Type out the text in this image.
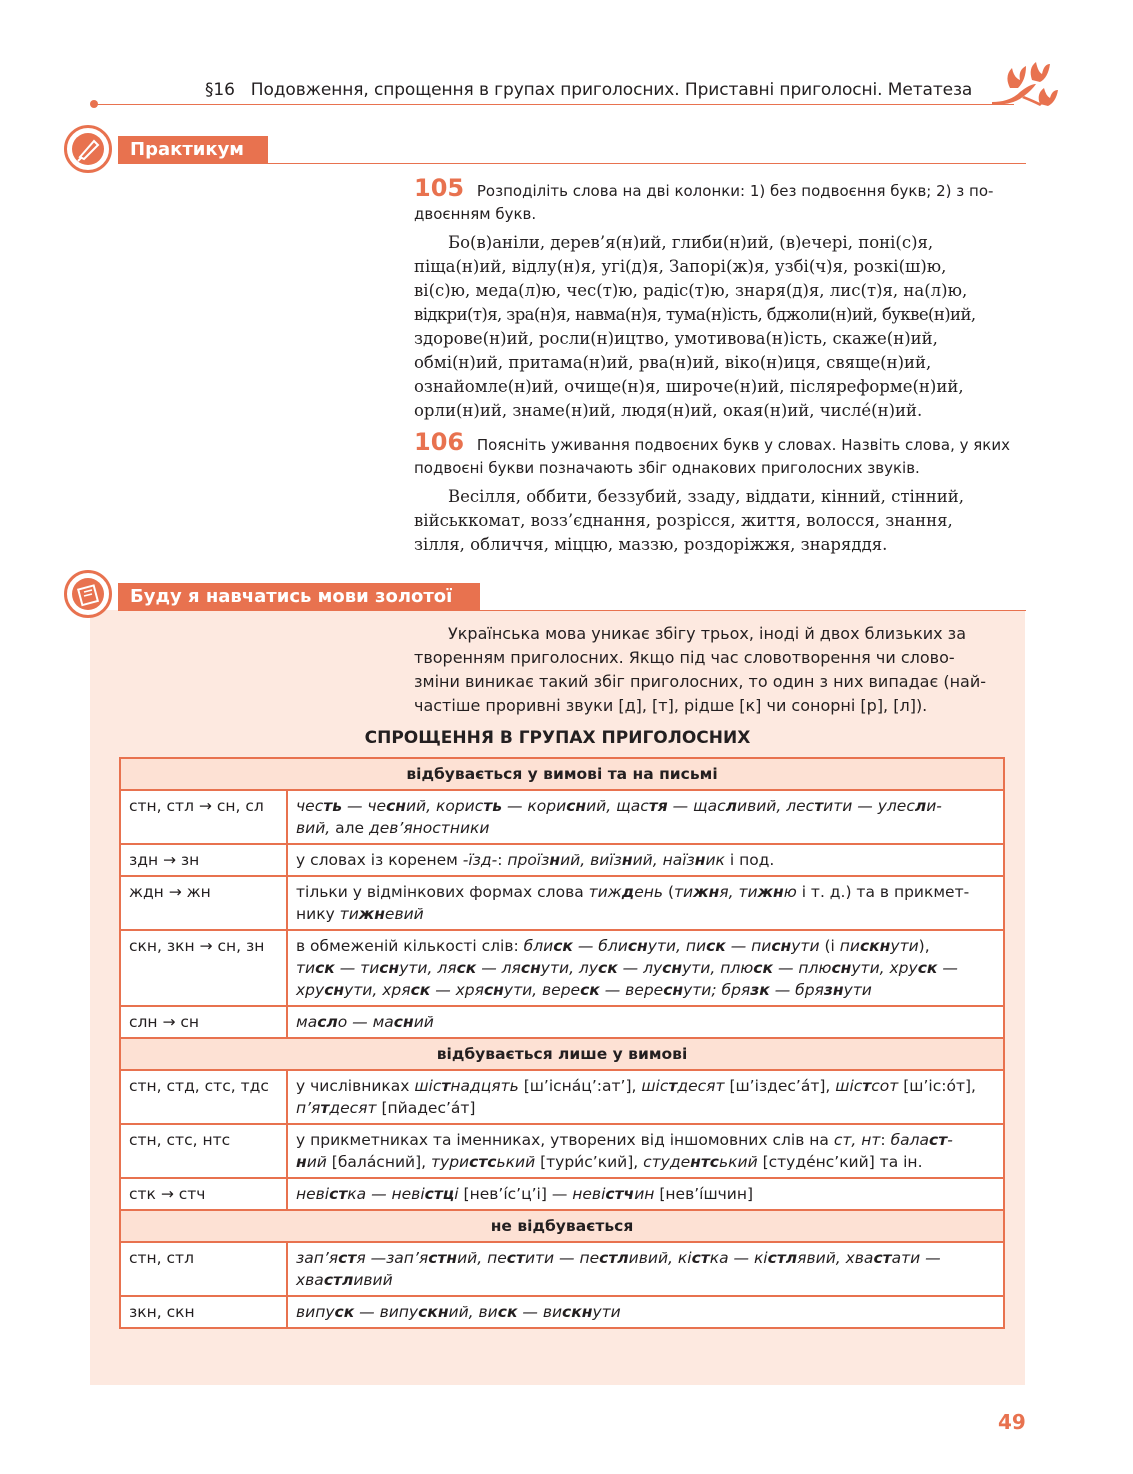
§16 Подовження, спрощення в групах приголосних. Приставні приголосні. Метатеза
Практикум
105 Розподіліть слова на дві колонки: 1) без подвоєння букв; 2) з по-
двоєнням букв.
Бо(в)аніли, дерев’я(н)ий, глиби(н)ий, (в)ечері, поні(с)я,
піща(н)ий, відлу(н)я, угі(д)я, Запорі(ж)я, узбі(ч)я, розкі(ш)ю,
ві(с)ю, меда(л)ю, чес(т)ю, радіс(т)ю, знаря(д)я, лис(т)я, на(л)ю,
відкри(т)я, зра(н)я, навма(н)я, тума(н)ість, бджоли(н)ий, букве(н)ий,
здорове(н)ий, росли(н)ицтво, умотивова(н)ість, скаже(н)ий,
обмі(н)ий, притама(н)ий, рва(н)ий, віко(н)иця, свяще(н)ий,
ознайомле(н)ий, очище(н)я, широче(н)ий, післяреформе(н)ий,
орли(н)ий, знаме(н)ий, людя(н)ий, окая(н)ий, числе́(н)ий.
106 Поясніть уживання подвоєних букв у словах. Назвіть слова, у яких
подвоєні букви позначають збіг однакових приголосних звуків.
Весілля, оббити, беззубий, ззаду, віддати, кінний, стінний,
військкомат, возз’єднання, розрісся, життя, волосся, знання,
зілля, обличчя, міццю, маззю, роздоріжжя, знаряддя.
Буду я навчатись мови золотої
Українська мова уникає збігу трьох, іноді й двох близьких за
творенням приголосних. Якщо під час словотворення чи слово-
зміни виникає такий збіг приголосних, то один з них випадає (най-
частіше проривні звуки [д], [т], рідше [к] чи сонорні [р], [л]).
СПРОЩЕННЯ В ГРУПАХ ПРИГОЛОСНИХ
відбувається у вимові та на письмі	
стн, стл → сн, сл	честь — чесний, користь — корисний, щастя — щасливий, лестити — улесли-
вий, але дев’яностники
здн → зн	у словах із коренем -їзд-: проїзний, виїзний, наїзник і под.
ждн → жн	тільки у відмінкових формах слова тиждень (тижня, тижню і т. д.) та в прикмет-
нику тижневий
скн, зкн → сн, зн	в обмеженій кількості слів: блиск — блиснути, писк — писнути (і пискнути),
тиск — тиснути, ляск — ляснути, луск — луснути, плюск — плюснути, хруск —
хруснути, хряск — хряснути, вереск — вереснути; брязк — брязнути
слн → сн	масло — масний
відбувається лише у вимові	
стн, стд, стс, тдс	у числівниках шістнадцять [ш’існа́ц’:ат’], шістдесят [ш’іздес’а́т], шістсот [ш’іс:о́т],
п’ятдесят [пйадес’а́т]
стн, стс, нтс	у прикметниках та іменниках, утворених від іншомовних слів на ст, нт: баласт-
ний [бала́сний], туристський [тури́с’кий], студентський [студе́нс’кий] та ін.
стк → стч	невістка — невістці [нев’і́с’ц’і] — невістчин [нев’і́шчин]
не відбувається	
стн, стл	зап’ястя —зап’ястний, пестити — пестливий, кістка — кістлявий, хвастати —
хвастливий
зкн, скн	випуск — випускний, виск — вискнути
49
